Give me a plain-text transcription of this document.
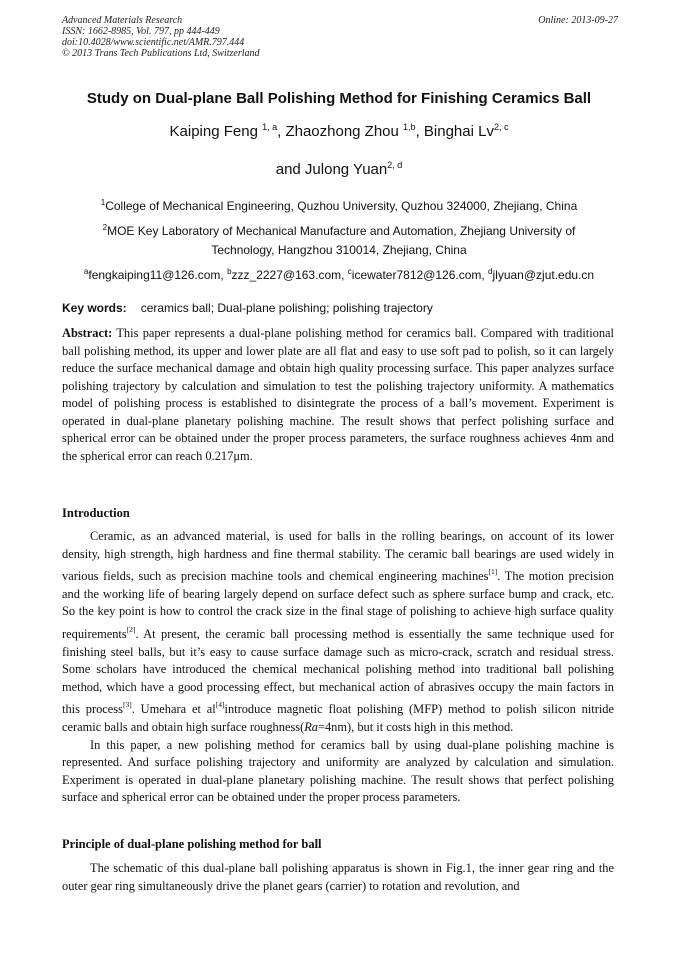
Advanced Materials Research
ISSN: 1662-8985, Vol. 797, pp 444-449
doi:10.4028/www.scientific.net/AMR.797.444
© 2013 Trans Tech Publications Ltd, Switzerland
Online: 2013-09-27
Study on Dual-plane Ball Polishing Method for Finishing Ceramics Ball
Kaiping Feng $^{1, a}$, Zhaozhong Zhou $^{1,b}$, Binghai Lv$^{2, c}$
and Julong Yuan$^{2, d}$
$^1$College of Mechanical Engineering, Quzhou University, Quzhou 324000, Zhejiang, China
$^2$MOE Key Laboratory of Mechanical Manufacture and Automation, Zhejiang University of
Technology, Hangzhou 310014, Zhejiang, China
$^a$fengkaiping11@126.com, $^b$zzz_2227@163.com, $^c$icewater7812@126.com, $^d$jlyuan@zjut.edu.cn
Key words: ceramics ball; Dual-plane polishing; polishing trajectory
Abstract: This paper represents a dual-plane polishing method for ceramics ball. Compared with traditional ball polishing method, its upper and lower plate are all flat and easy to use soft pad to polish, so it can largely reduce the surface mechanical damage and obtain high quality processing surface. This paper analyzes surface polishing trajectory by calculation and simulation to test the polishing trajectory uniformity. A mathematics model of polishing process is established to disintegrate the process of a ball’s movement. Experiment is operated in dual-plane planetary polishing machine. The result shows that perfect polishing surface and spherical error can be obtained under the proper process parameters, the surface roughness achieves 4nm and the spherical error can reach 0.217μm.
Introduction

Ceramic, as an advanced material, is used for balls in the rolling bearings, on account of its lower density, high strength, high hardness and fine thermal stability. The ceramic ball bearings are used widely in various fields, such as precision machine tools and chemical engineering machines[1]. The motion precision and the working life of bearing largely depend on surface defect such as sphere surface bump and crack, etc. So the key point is how to control the crack size in the final stage of polishing to achieve high surface quality requirements[2]. At present, the ceramic ball processing method is essentially the same technique used for finishing steel balls, but it’s easy to cause surface damage such as micro-crack, scratch and residual stress. Some scholars have introduced the chemical mechanical polishing method into traditional ball polishing method, which have a good processing effect, but mechanical action of abrasives occupy the main factors in this process[3]. Umehara et al[4]introduce magnetic float polishing (MFP) method to polish silicon nitride ceramic balls and obtain high surface roughness(Ra=4nm), but it costs high in this method.

In this paper, a new polishing method for ceramics ball by using dual-plane polishing machine is represented. And surface polishing trajectory and uniformity are analyzed by calculation and simulation. Experiment is operated in dual-plane planetary polishing machine. The result shows that perfect polishing surface and spherical error can be obtained under the proper process parameters.

Principle of dual-plane polishing method for ball

The schematic of this dual-plane ball polishing apparatus is shown in Fig.1, the inner gear ring and the outer gear ring simultaneously drive the planet gears (carrier) to rotation and revolution, and
